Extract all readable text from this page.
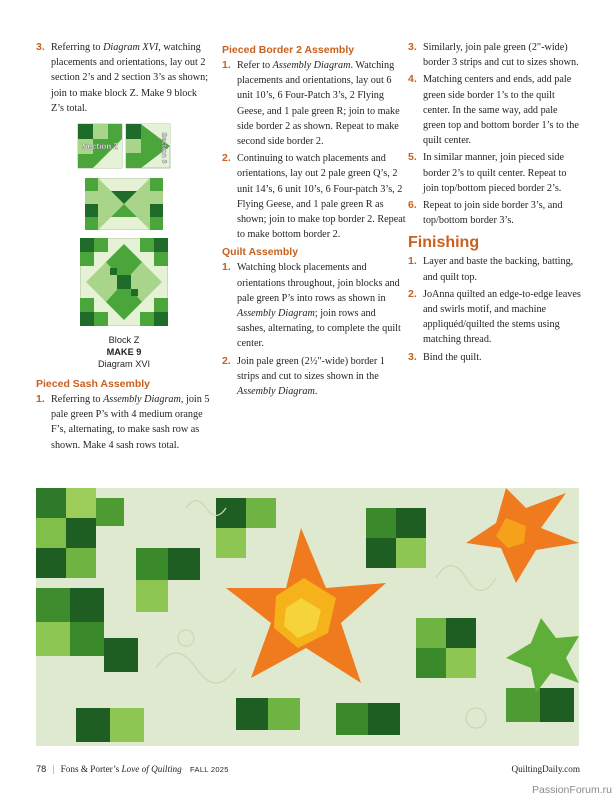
3. Referring to Diagram XVI, watching placements and orientations, lay out 2 section 2’s and 2 section 3’s as shown; join to make block Z. Make 9 block Z’s total.
Section 2	Section 3
Block Z
MAKE 9
Diagram XVI
Pieced Sash Assembly
1. Referring to Assembly Diagram, join 5 pale green P’s with 4 medium orange F’s, alternating, to make sash row as shown. Make 4 sash rows total.
Pieced Border 2 Assembly
1. Refer to Assembly Diagram. Watching placements and orientations, lay out 6 unit 10’s, 6 Four-Patch 3’s, 2 Flying Geese, and 1 pale green R; join to make side border 2 as shown. Repeat to make second side border 2.
2. Continuing to watch placements and orientations, lay out 2 pale green Q’s, 2 unit 14’s, 6 unit 10’s, 6 Four-patch 3’s, 2 Flying Geese, and 1 pale green R as shown; join to make top border 2. Repeat to make bottom border 2.
Quilt Assembly
1. Watching block placements and orientations throughout, join blocks and pale green P’s into rows as shown in Assembly Diagram; join rows and sashes, alternating, to complete the quilt center.
2. Join pale green (2½"-wide) border 1 strips and cut to sizes shown in the Assembly Diagram.
3. Similarly, join pale green (2"-wide) border 3 strips and cut to sizes shown.
4. Matching centers and ends, add pale green side border 1’s to the quilt center. In the same way, add pale green top and bottom border 1’s to the quilt center.
5. In similar manner, join pieced side border 2’s to quilt center. Repeat to join top/bottom pieced border 2’s.
6. Repeat to join side border 3’s, and top/bottom border 3’s.
Finishing
1. Layer and baste the backing, batting, and quilt top.
2. JoAnna quilted an edge-to-edge leaves and swirls motif, and machine appliquéd/quilted the stems using matching thread.
3. Bind the quilt.
78 | Fons & Porter’s Love of Quilting FALL 2025	QuiltingDaily.com
PassionForum.ru
